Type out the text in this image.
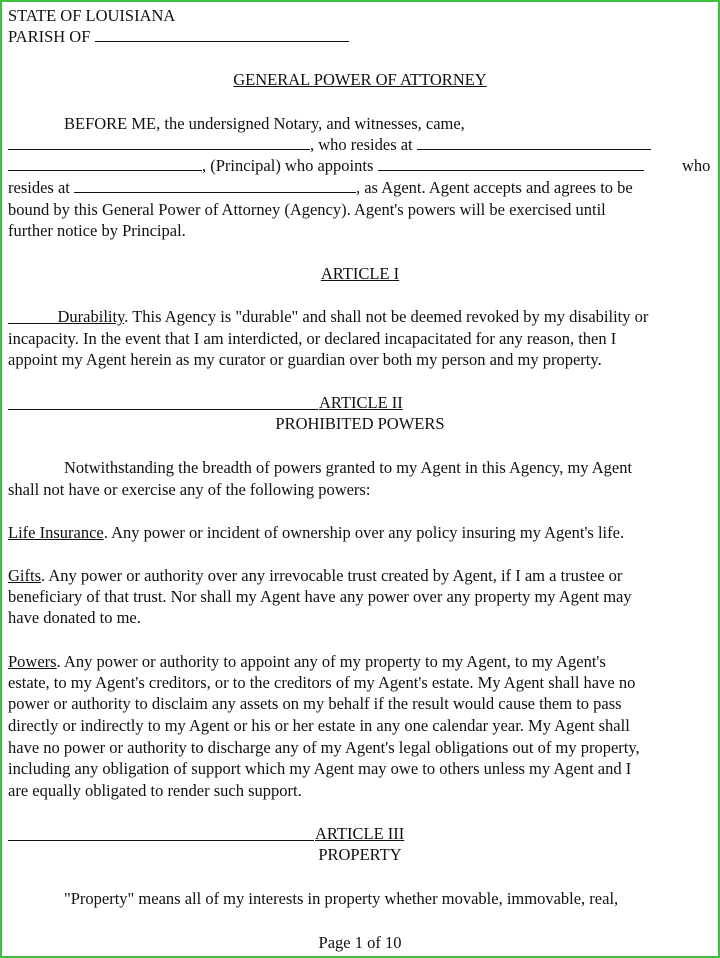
STATE OF LOUISIANA
PARISH OF
GENERAL POWER OF ATTORNEY
BEFORE ME, the undersigned Notary, and witnesses, came,
, who resides at
, (Principal) who appoints	who
resides at	, as Agent. Agent accepts and agrees to be
bound by this General Power of Attorney (Agency). Agent's powers will be exercised until
further notice by Principal.
ARTICLE I
Durability. This Agency is "durable" and shall not be deemed revoked by my disability or
incapacity. In the event that I am interdicted, or declared incapacitated for any reason, then I
appoint my Agent herein as my curator or guardian over both my person and my property.
ARTICLE II
PROHIBITED POWERS
Notwithstanding the breadth of powers granted to my Agent in this Agency, my Agent
shall not have or exercise any of the following powers:
Life Insurance. Any power or incident of ownership over any policy insuring my Agent's life.
Gifts. Any power or authority over any irrevocable trust created by Agent, if I am a trustee or
beneficiary of that trust. Nor shall my Agent have any power over any property my Agent may
have donated to me.
Powers. Any power or authority to appoint any of my property to my Agent, to my Agent's
estate, to my Agent's creditors, or to the creditors of my Agent's estate. My Agent shall have no
power or authority to disclaim any assets on my behalf if the result would cause them to pass
directly or indirectly to my Agent or his or her estate in any one calendar year. My Agent shall
have no power or authority to discharge any of my Agent's legal obligations out of my property,
including any obligation of support which my Agent may owe to others unless my Agent and I
are equally obligated to render such support.
ARTICLE III
PROPERTY
"Property" means all of my interests in property whether movable, immovable, real,
Page 1 of 10
